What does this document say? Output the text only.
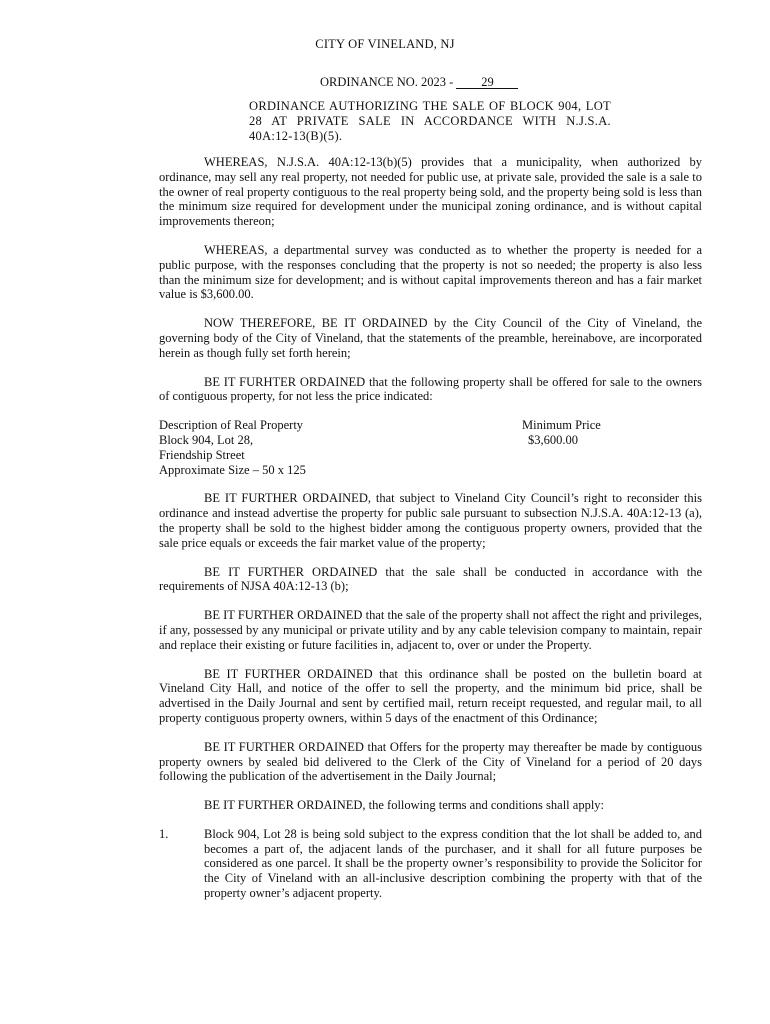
CITY OF VINELAND, NJ
ORDINANCE NO. 2023 - 29
ORDINANCE AUTHORIZING THE SALE OF BLOCK 904, LOT 28 AT PRIVATE SALE IN ACCORDANCE WITH N.J.S.A. 40A:12-13(B)(5).

WHEREAS, N.J.S.A. 40A:12-13(b)(5) provides that a municipality, when authorized by ordinance, may sell any real property, not needed for public use, at private sale, provided the sale is a sale to the owner of real property contiguous to the real property being sold, and the property being sold is less than the minimum size required for development under the municipal zoning ordinance, and is without capital improvements thereon;

WHEREAS, a departmental survey was conducted as to whether the property is needed for a public purpose, with the responses concluding that the property is not so needed; the property is also less than the minimum size for development; and is without capital improvements thereon and has a fair market value is $3,600.00.

NOW THEREFORE, BE IT ORDAINED by the City Council of the City of Vineland, the governing body of the City of Vineland, that the statements of the preamble, hereinabove, are incorporated herein as though fully set forth herein;

BE IT FURHTER ORDAINED that the following property shall be offered for sale to the owners of contiguous property, for not less the price indicated:

Description of Real Property
Block 904, Lot 28,
Friendship Street
Approximate Size – 50 x 125
Minimum Price
$3,600.00

BE IT FURTHER ORDAINED, that subject to Vineland City Council’s right to reconsider this ordinance and instead advertise the property for public sale pursuant to subsection N.J.S.A. 40A:12-13 (a), the property shall be sold to the highest bidder among the contiguous property owners, provided that the sale price equals or exceeds the fair market value of the property;

BE IT FURTHER ORDAINED that the sale shall be conducted in accordance with the requirements of NJSA 40A:12-13 (b);

BE IT FURTHER ORDAINED that the sale of the property shall not affect the right and privileges, if any, possessed by any municipal or private utility and by any cable television company to maintain, repair and replace their existing or future facilities in, adjacent to, over or under the Property.

BE IT FURTHER ORDAINED that this ordinance shall be posted on the bulletin board at Vineland City Hall, and notice of the offer to sell the property, and the minimum bid price, shall be advertised in the Daily Journal and sent by certified mail, return receipt requested, and regular mail, to all property contiguous property owners, within 5 days of the enactment of this Ordinance;

BE IT FURTHER ORDAINED that Offers for the property may thereafter be made by contiguous property owners by sealed bid delivered to the Clerk of the City of Vineland for a period of 20 days following the publication of the advertisement in the Daily Journal;

BE IT FURTHER ORDAINED, the following terms and conditions shall apply:

1.	Block 904, Lot 28 is being sold subject to the express condition that the lot shall be added to, and becomes a part of, the adjacent lands of the purchaser, and it shall for all future purposes be considered as one parcel. It shall be the property owner’s responsibility to provide the Solicitor for the City of Vineland with an all-inclusive description combining the property with that of the property owner’s adjacent property.
